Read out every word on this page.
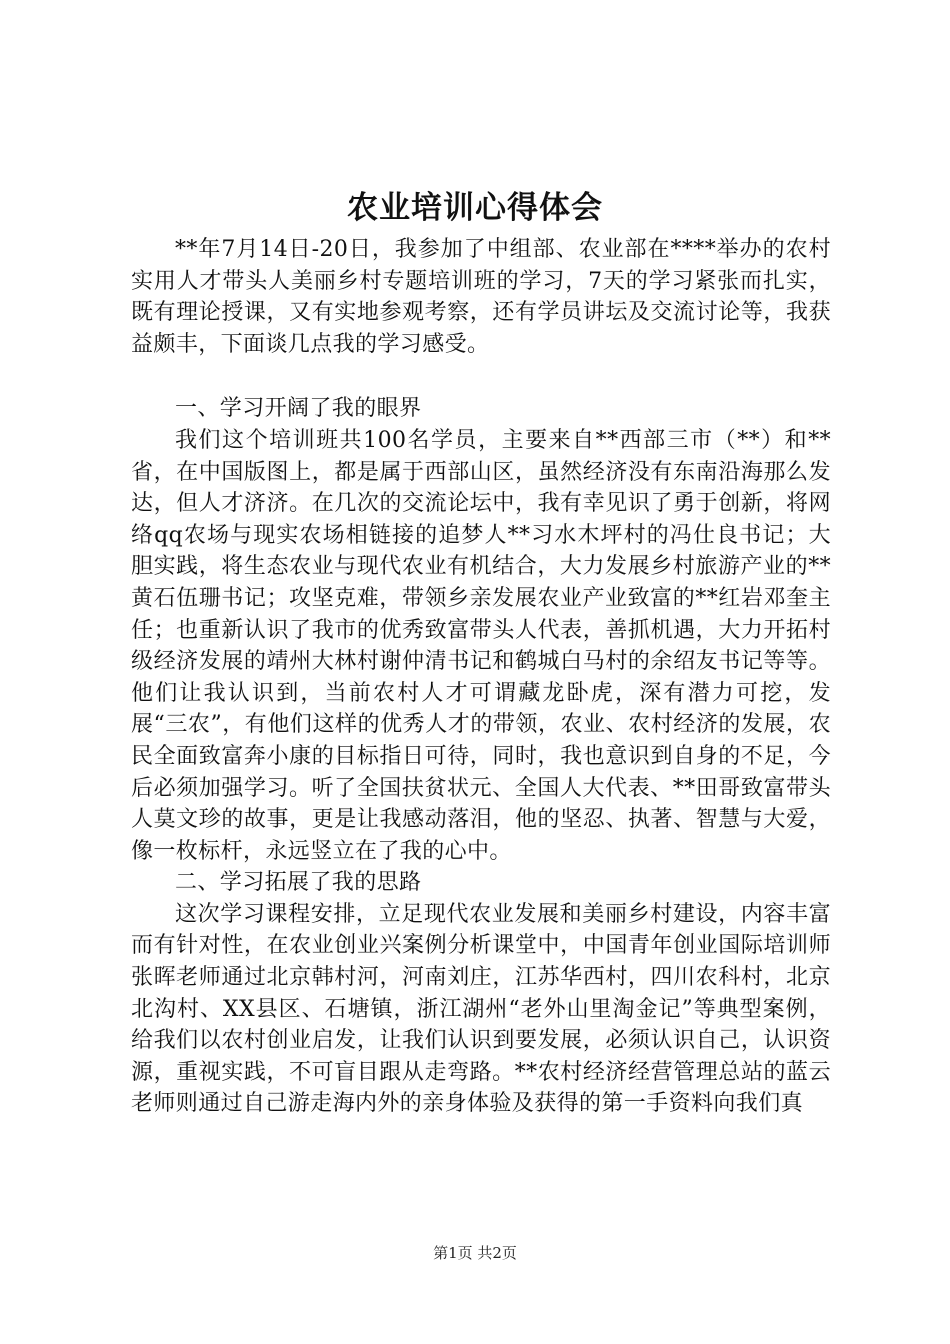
农业培训心得体会

**年7月14日-20日，我参加了中组部、农业部在****举办的农村实用人才带头人美丽乡村专题培训班的学习，7天的学习紧张而扎实，既有理论授课，又有实地参观考察，还有学员讲坛及交流讨论等，我获益颇丰，下面谈几点我的学习感受。

一、学习开阔了我的眼界

我们这个培训班共100名学员，主要来自**西部三市（**）和**省，在中国版图上，都是属于西部山区，虽然经济没有东南沿海那么发达，但人才济济。在几次的交流论坛中，我有幸见识了勇于创新，将网络qq农场与现实农场相链接的追梦人**习水木坪村的冯仕良书记；大胆实践，将生态农业与现代农业有机结合，大力发展乡村旅游产业的**黄石伍珊书记；攻坚克难，带领乡亲发展农业产业致富的**红岩邓奎主任；也重新认识了我市的优秀致富带头人代表，善抓机遇，大力开拓村级经济发展的靖州大林村谢仲清书记和鹤城白马村的余绍友书记等等。他们让我认识到，当前农村人才可谓藏龙卧虎，深有潜力可挖，发展“三农”，有他们这样的优秀人才的带领，农业、农村经济的发展，农民全面致富奔小康的目标指日可待，同时，我也意识到自身的不足，今后必须加强学习。听了全国扶贫状元、全国人大代表、**田哥致富带头人莫文珍的故事，更是让我感动落泪，他的坚忍、执著、智慧与大爱，像一枚标杆，永远竖立在了我的心中。

二、学习拓展了我的思路

这次学习课程安排，立足现代农业发展和美丽乡村建设，内容丰富而有针对性，在农业创业兴案例分析课堂中，中国青年创业国际培训师张晖老师通过北京韩村河，河南刘庄，江苏华西村，四川农科村，北京北沟村、XX县区、石塘镇，浙江湖州“老外山里淘金记”等典型案例，给我们以农村创业启发，让我们认识到要发展，必须认识自己，认识资源，重视实践，不可盲目跟从走弯路。**农村经济经营管理总站的蓝云老师则通过自己游走海内外的亲身体验及获得的第一手资料向我们真

第1页 共2页
